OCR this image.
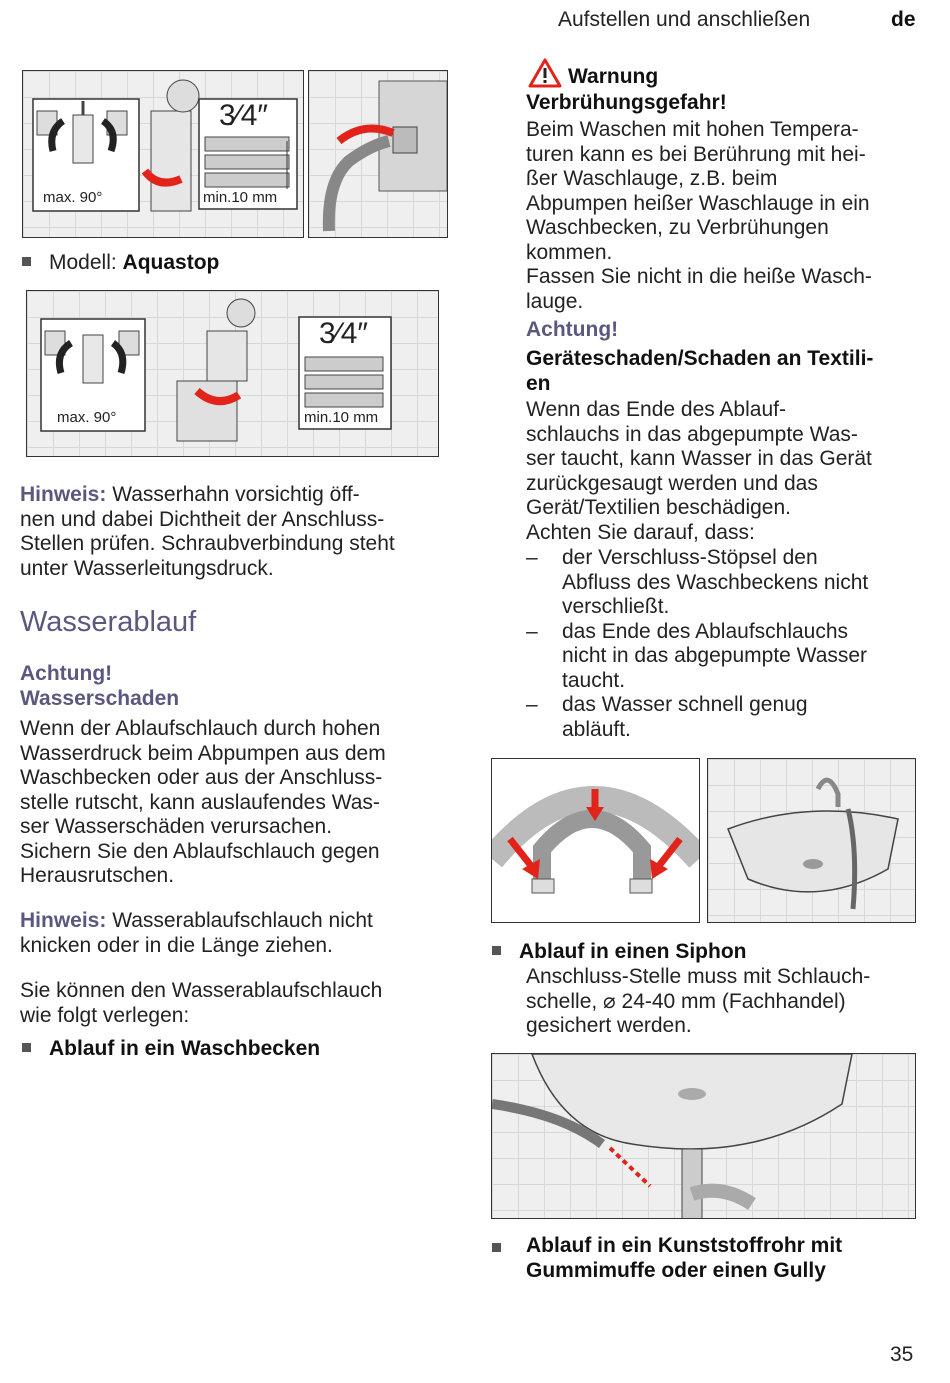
Aufstellen und anschließen	de
3⁄4″
max. 90°	min.10 mm
Modell: Aquastop
3⁄4″
max. 90°	min.10 mm
Hinweis: Wasserhahn vorsichtig öff-
nen und dabei Dichtheit der Anschluss-
Stellen prüfen. Schraubverbindung steht
unter Wasserleitungsdruck.
Wasserablauf
Achtung!
Wasserschaden
Wenn der Ablaufschlauch durch hohen
Wasserdruck beim Abpumpen aus dem
Waschbecken oder aus der Anschluss-
stelle rutscht, kann auslaufendes Was-
ser Wasserschäden verursachen.
Sichern Sie den Ablaufschlauch gegen
Herausrutschen.
Hinweis: Wasserablaufschlauch nicht
knicken oder in die Länge ziehen.
Sie können den Wasserablaufschlauch
wie folgt verlegen:
Ablauf in ein Waschbecken
Warnung
Verbrühungsgefahr!
Beim Waschen mit hohen Tempera-
turen kann es bei Berührung mit hei-
ßer Waschlauge, z.B. beim
Abpumpen heißer Waschlauge in ein
Waschbecken, zu Verbrühungen
kommen.
Fassen Sie nicht in die heiße Wasch-
lauge.
Achtung!
Geräteschaden/Schaden an Textili-
en
Wenn das Ende des Ablauf-
schlauchs in das abgepumpte Was-
ser taucht, kann Wasser in das Gerät
zurückgesaugt werden und das
Gerät/Textilien beschädigen.
Achten Sie darauf, dass:
– der Verschluss-Stöpsel den
Abfluss des Waschbeckens nicht
verschließt.
– das Ende des Ablaufschlauchs
nicht in das abgepumpte Wasser
taucht.
– das Wasser schnell genug
abläuft.
Ablauf in einen Siphon
Anschluss-Stelle muss mit Schlauch-
schelle, ⌀ 24-40 mm (Fachhandel)
gesichert werden.
Ablauf in ein Kunststoffrohr mit
Gummimuffe oder einen Gully
35
